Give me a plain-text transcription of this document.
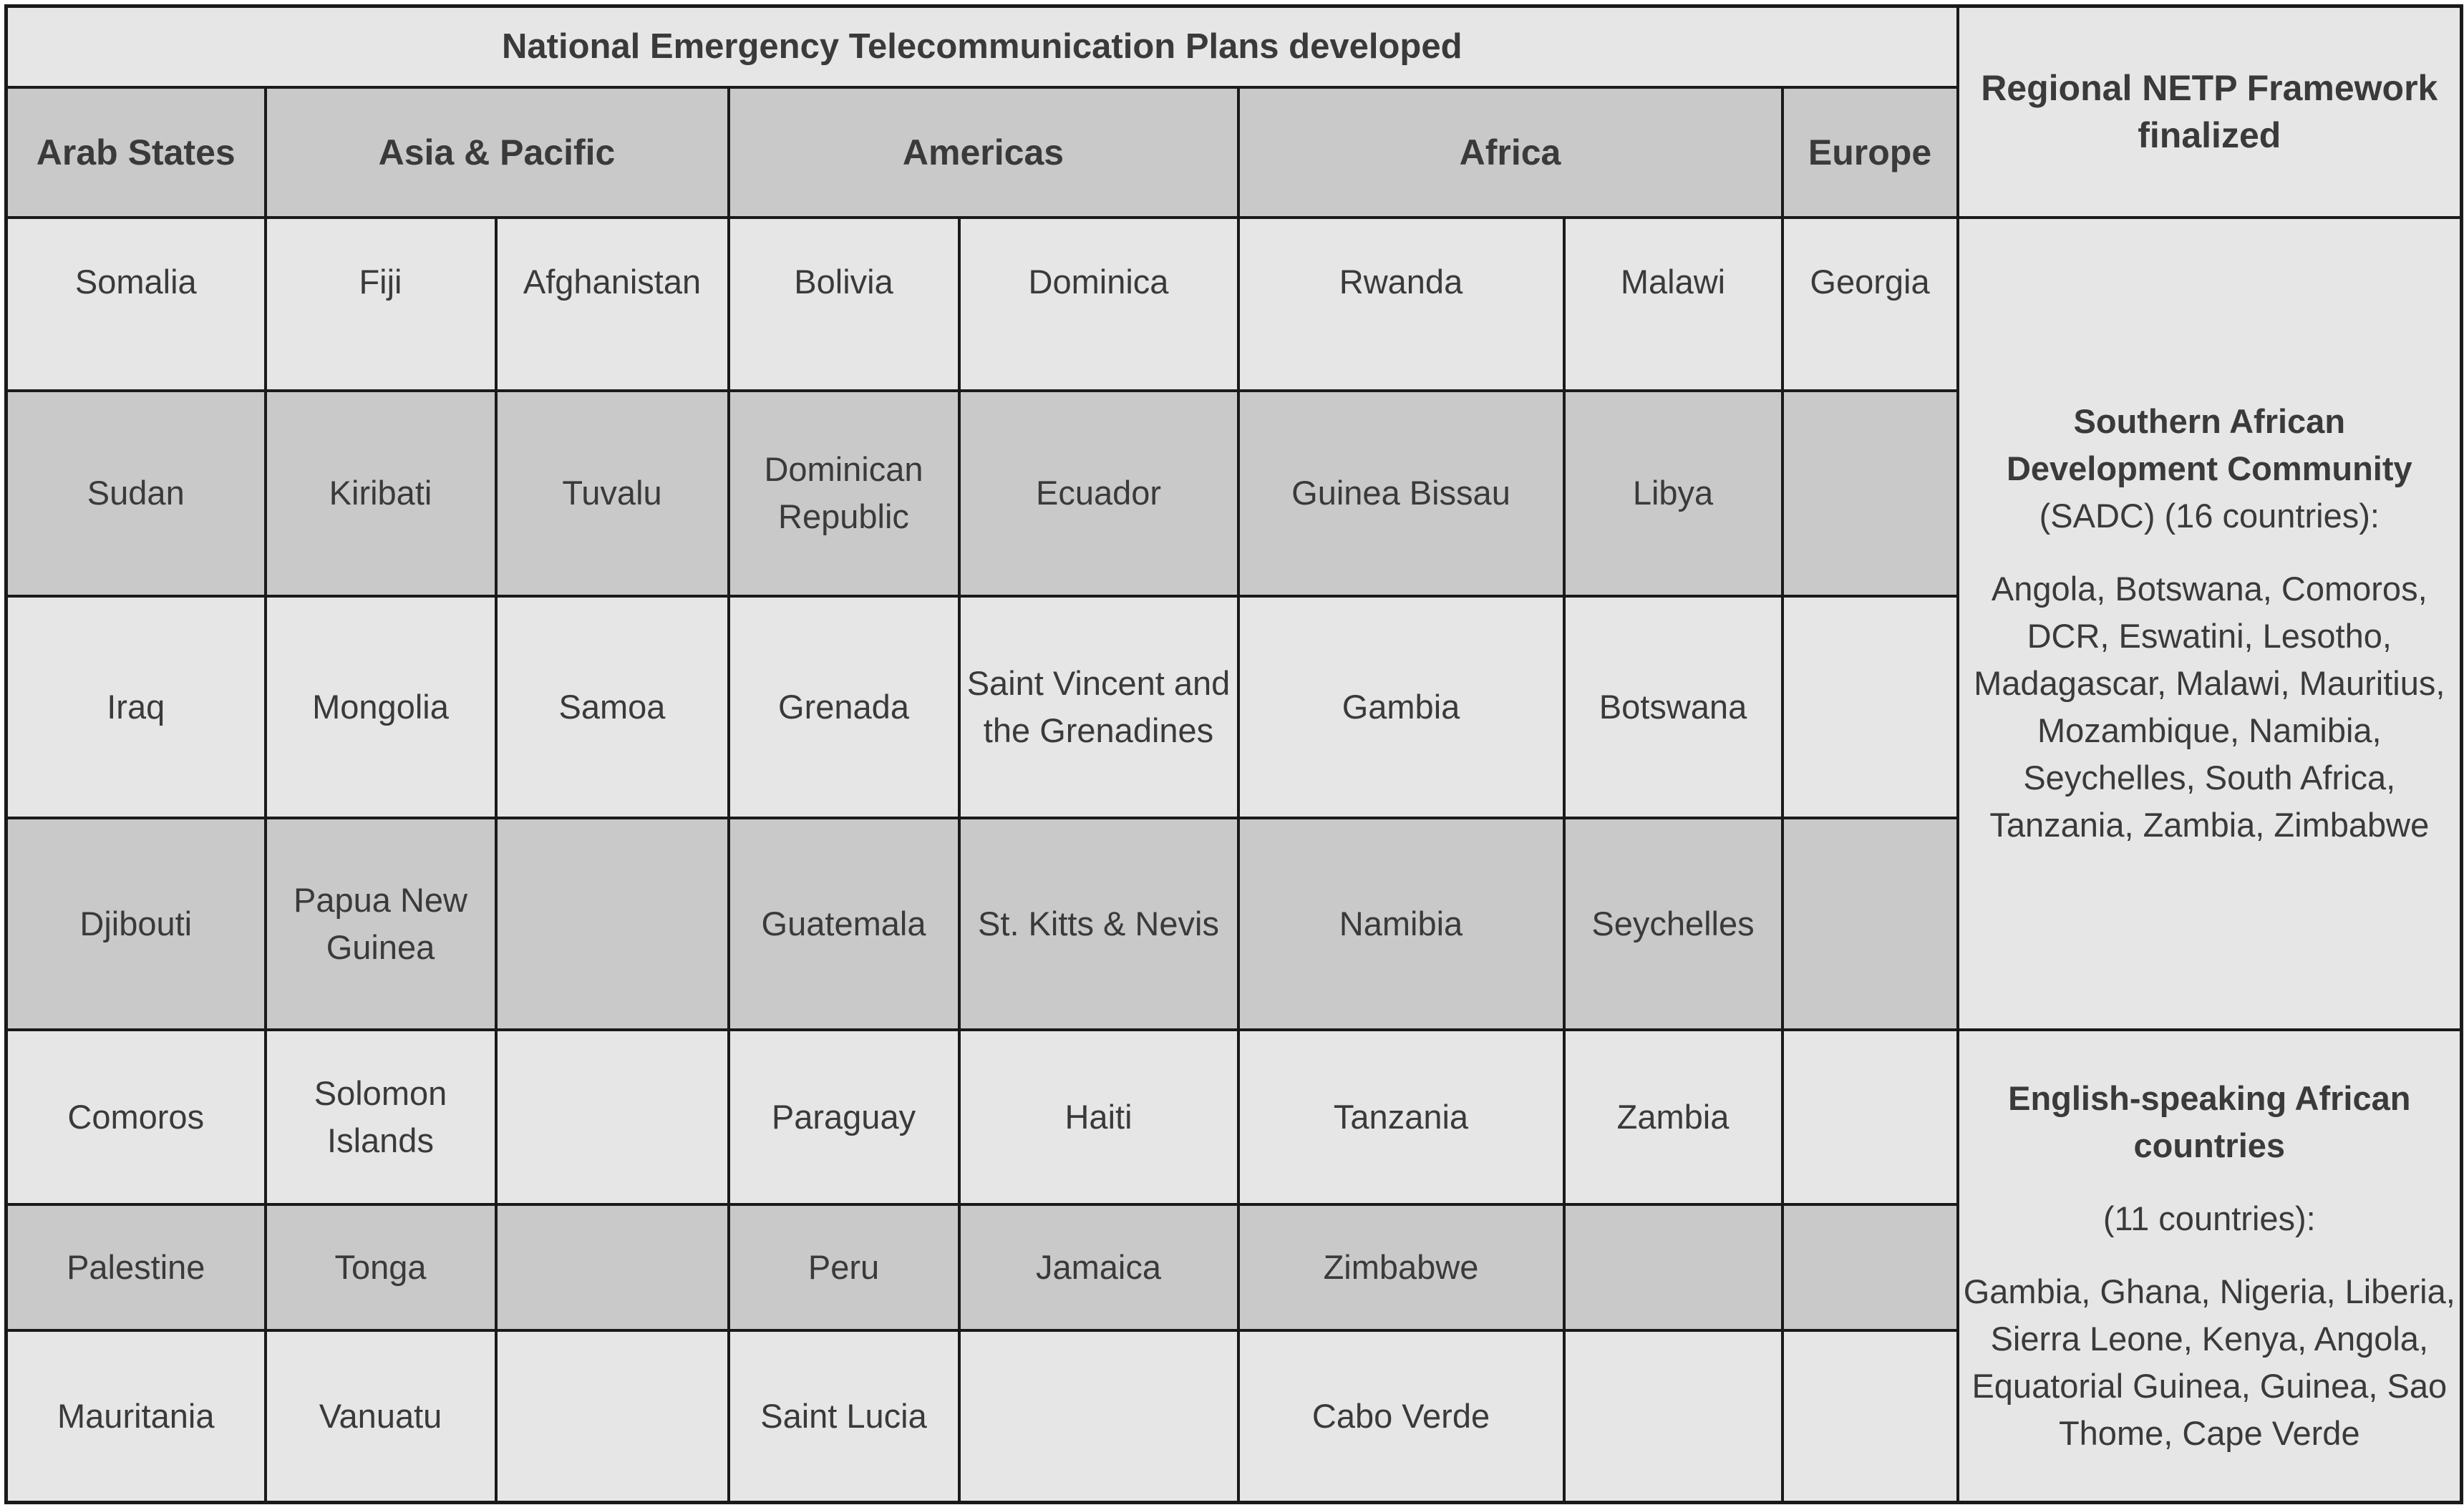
National Emergency Telecommunication Plans developed								Regional NETP Framework finalized
Arab States	Asia & Pacific		Americas		Africa		Europe	
Somalia	Fiji	Afghanistan	Bolivia	Dominica	Rwanda	Malawi	Georgia	Southern African Development Community

(SADC) (16 countries):

Angola, Botswana, Comoros, DCR, Eswatini, Lesotho, Madagascar, Malawi, Mauritius, Mozambique, Namibia, Seychelles, South Africa, Tanzania, Zambia, Zimbabwe

Sudan	Kiribati	Tuvalu	Dominican Republic	Ecuador	Guinea Bissau	Libya		
Iraq	Mongolia	Samoa	Grenada	Saint Vincent and the Grenadines	Gambia	Botswana		
Djibouti	Papua New Guinea		Guatemala	St. Kitts & Nevis	Namibia	Seychelles		
Comoros	Solomon Islands		Paraguay	Haiti	Tanzania	Zambia		English-speaking African countries

(11 countries):

Gambia, Ghana, Nigeria, Liberia, Sierra Leone, Kenya, Angola, Equatorial Guinea, Guinea, Sao Thome, Cape Verde

Palestine	Tonga		Peru	Jamaica	Zimbabwe			
Mauritania	Vanuatu		Saint Lucia		Cabo Verde			
